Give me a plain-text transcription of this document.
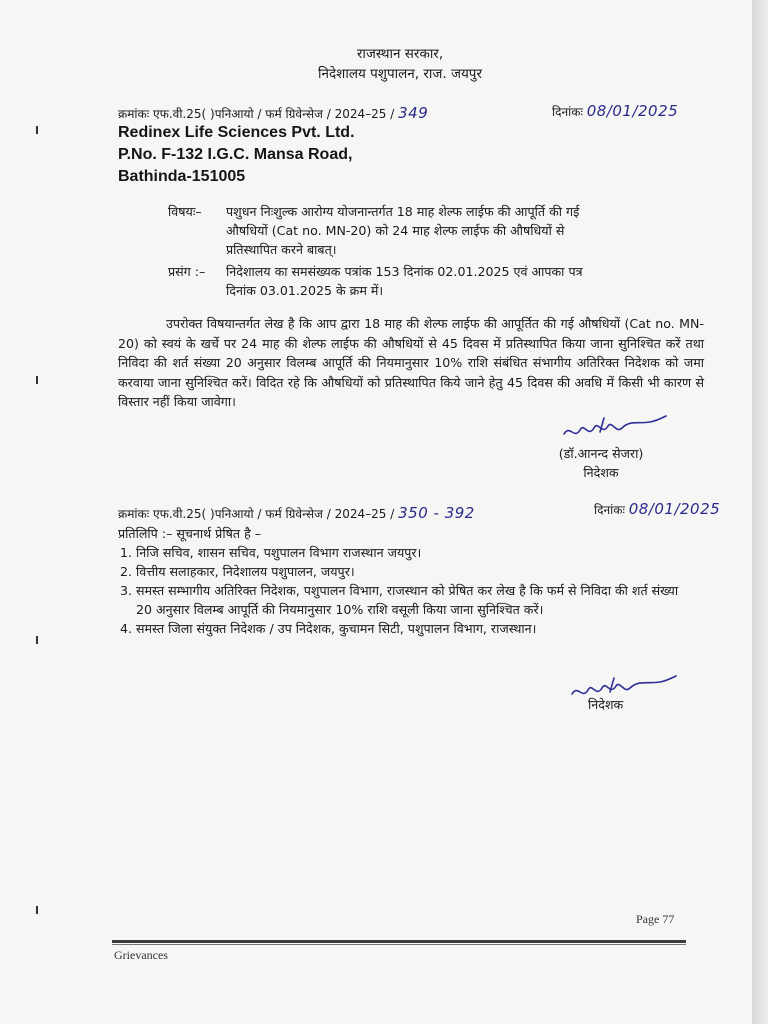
राजस्थान सरकार,
निदेशालय पशुपालन, राज. जयपुर
क्रमांकः एफ.वी.25( )पनिआयो / फर्म ग्रिवेन्सेज / 2024–25 / 349	दिनांकः 08/01/2025
Redinex Life Sciences Pvt. Ltd.
P.No. F-132 I.G.C. Mansa Road,
Bathinda-151005
विषयः–	पशुधन निःशुल्क आरोग्य योजनान्तर्गत 18 माह शेल्फ लाईफ की आपूर्ति की गई
औषधियों (Cat no. MN-20) को 24 माह शेल्फ लाईफ की औषधियों से
प्रतिस्थापित करने बाबत्।
प्रसंग :–	निदेशालय का समसंख्यक पत्रांक 153 दिनांक 02.01.2025 एवं आपका पत्र
दिनांक 03.01.2025 के क्रम में।
उपरोक्त विषयान्तर्गत लेख है कि आप द्वारा 18 माह की शेल्फ लाईफ की आपूर्तित की गई औषधियों (Cat no. MN-20) को स्वयं के खर्चे पर 24 माह की शेल्फ लाईफ की औषधियों से 45 दिवस में प्रतिस्थापित किया जाना सुनिश्चित करें तथा निविदा की शर्त संख्या 20 अनुसार विलम्ब आपूर्ति की नियमानुसार 10% राशि संबंधित संभागीय अतिरिक्त निदेशक को जमा करवाया जाना सुनिश्चित करें। विदित रहे कि औषधियों को प्रतिस्थापित किये जाने हेतु 45 दिवस की अवधि में किसी भी कारण से विस्तार नहीं किया जावेगा।
(डॉ.आनन्द सेजरा)
निदेशक
क्रमांकः एफ.वी.25( )पनिआयो / फर्म ग्रिवेन्सेज / 2024–25 / 350 - 392	दिनांकः 08/01/2025
प्रतिलिपि :– सूचनार्थ प्रेषित है –
1. निजि सचिव, शासन सचिव, पशुपालन विभाग राजस्थान जयपुर।
2. वित्तीय सलाहकार, निदेशालय पशुपालन, जयपुर।
3. समस्त सम्भागीय अतिरिक्त निदेशक, पशुपालन विभाग, राजस्थान को प्रेषित कर लेख है कि फर्म से निविदा की शर्त संख्या 20 अनुसार विलम्ब आपूर्ति की नियमानुसार 10% राशि वसूली किया जाना सुनिश्चित करें।
4. समस्त जिला संयुक्त निदेशक / उप निदेशक, कुचामन सिटी, पशुपालन विभाग, राजस्थान।
निदेशक
Page 77
Grievances
